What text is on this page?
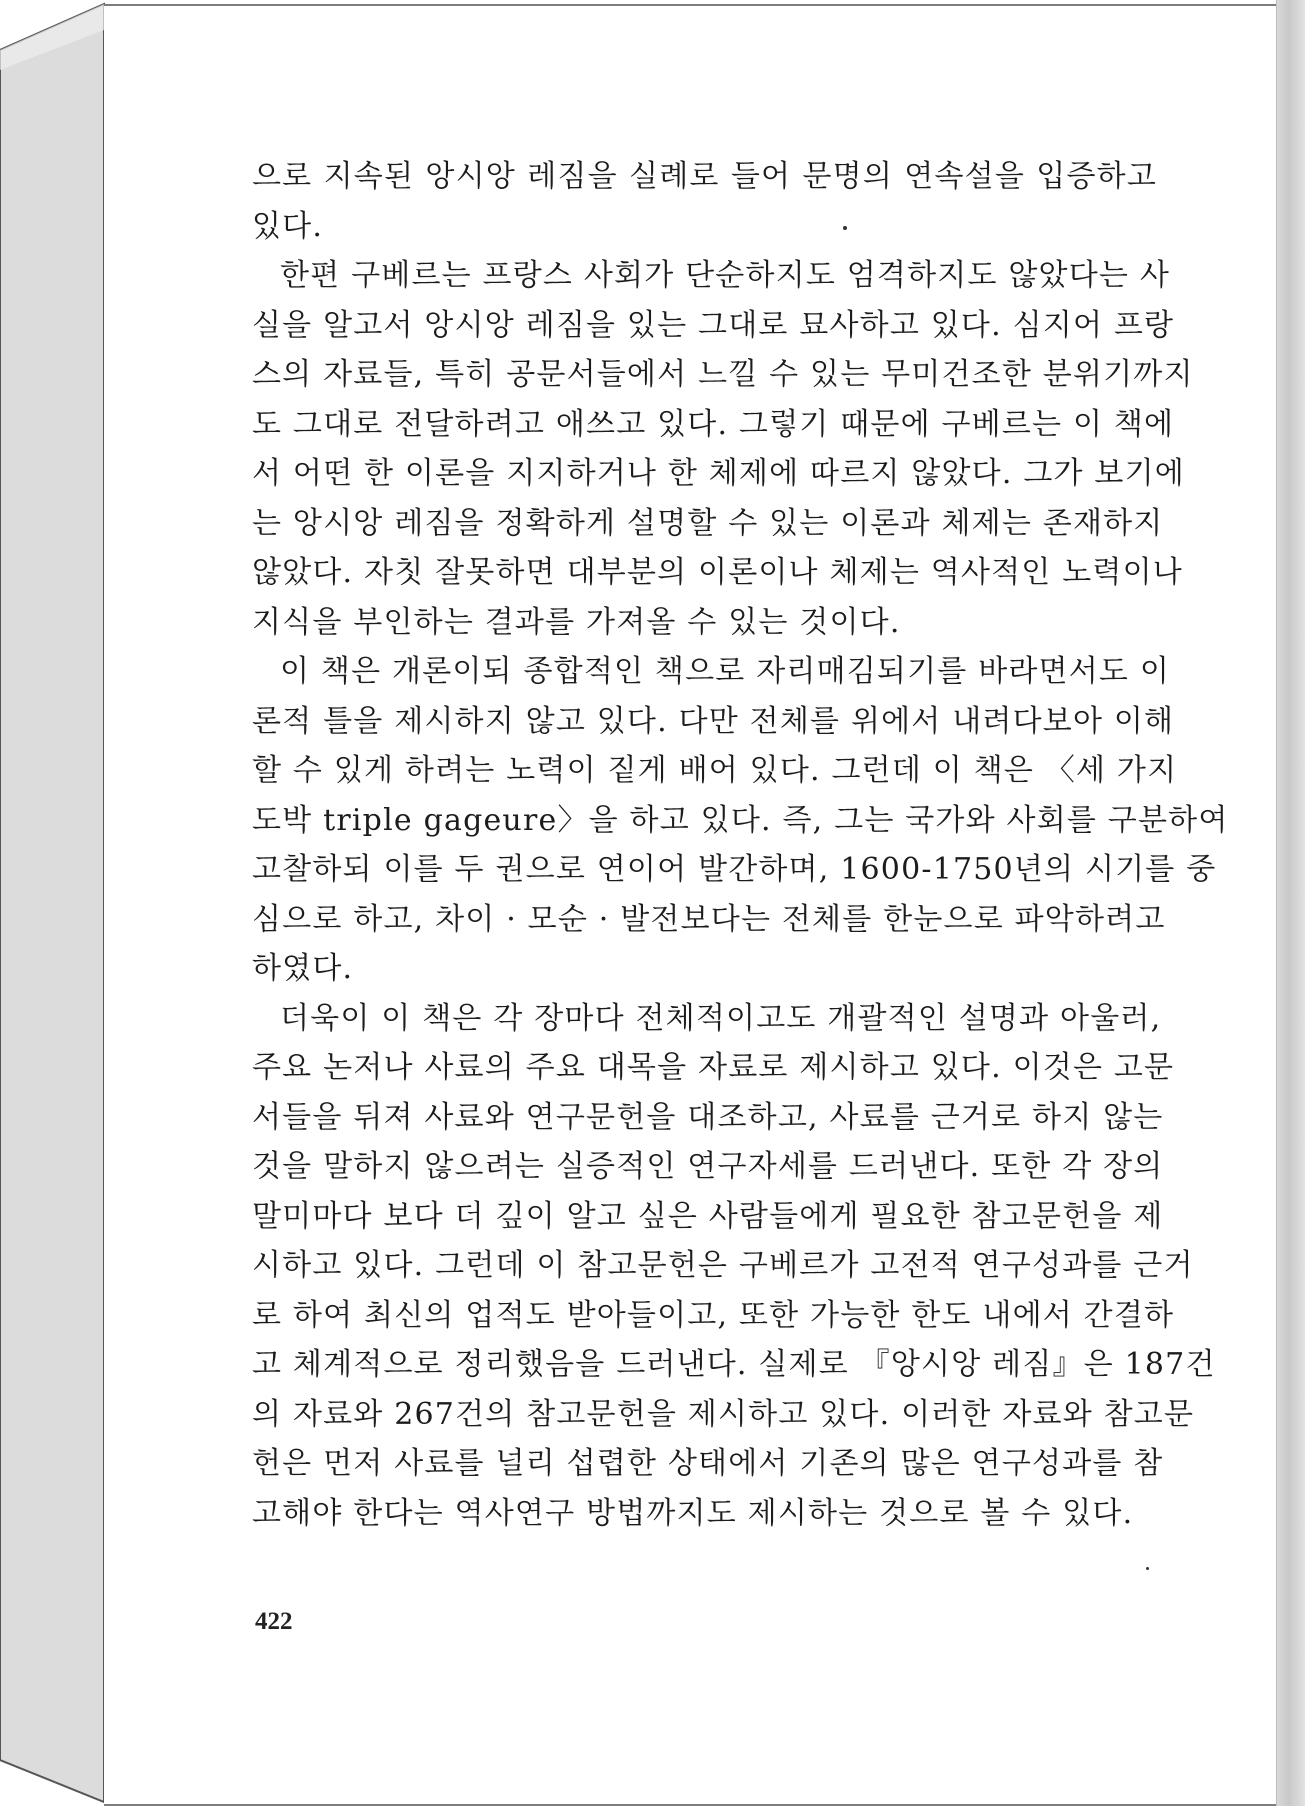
으로 지속된 앙시앙 레짐을 실례로 들어 문명의 연속설을 입증하고
있다.
한편 구베르는 프랑스 사회가 단순하지도 엄격하지도 않았다는 사
실을 알고서 앙시앙 레짐을 있는 그대로 묘사하고 있다. 심지어 프랑
스의 자료들, 특히 공문서들에서 느낄 수 있는 무미건조한 분위기까지
도 그대로 전달하려고 애쓰고 있다. 그렇기 때문에 구베르는 이 책에
서 어떤 한 이론을 지지하거나 한 체제에 따르지 않았다. 그가 보기에
는 앙시앙 레짐을 정확하게 설명할 수 있는 이론과 체제는 존재하지
않았다. 자칫 잘못하면 대부분의 이론이나 체제는 역사적인 노력이나
지식을 부인하는 결과를 가져올 수 있는 것이다.
이 책은 개론이되 종합적인 책으로 자리매김되기를 바라면서도 이
론적 틀을 제시하지 않고 있다. 다만 전체를 위에서 내려다보아 이해
할 수 있게 하려는 노력이 짙게 배어 있다. 그런데 이 책은 〈세 가지
도박 triple gageure〉을 하고 있다. 즉, 그는 국가와 사회를 구분하여
고찰하되 이를 두 권으로 연이어 발간하며, 1600-1750년의 시기를 중
심으로 하고, 차이 · 모순 · 발전보다는 전체를 한눈으로 파악하려고
하였다.
더욱이 이 책은 각 장마다 전체적이고도 개괄적인 설명과 아울러,
주요 논저나 사료의 주요 대목을 자료로 제시하고 있다. 이것은 고문
서들을 뒤져 사료와 연구문헌을 대조하고, 사료를 근거로 하지 않는
것을 말하지 않으려는 실증적인 연구자세를 드러낸다. 또한 각 장의
말미마다 보다 더 깊이 알고 싶은 사람들에게 필요한 참고문헌을 제
시하고 있다. 그런데 이 참고문헌은 구베르가 고전적 연구성과를 근거
로 하여 최신의 업적도 받아들이고, 또한 가능한 한도 내에서 간결하
고 체계적으로 정리했음을 드러낸다. 실제로 『앙시앙 레짐』은 187건
의 자료와 267건의 참고문헌을 제시하고 있다. 이러한 자료와 참고문
헌은 먼저 사료를 널리 섭렵한 상태에서 기존의 많은 연구성과를 참
고해야 한다는 역사연구 방법까지도 제시하는 것으로 볼 수 있다.
422
